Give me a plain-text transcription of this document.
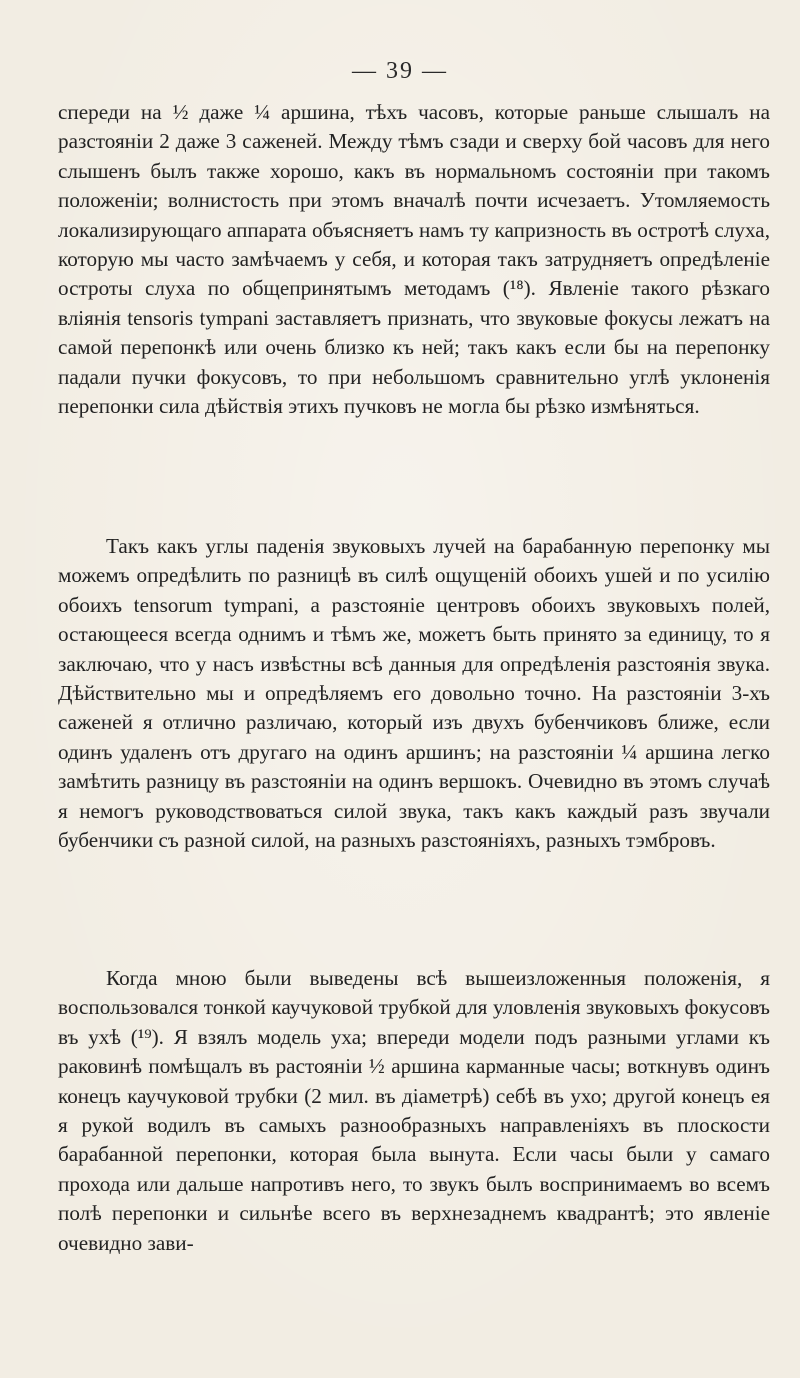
— 39 —

спереди на ½ даже ¼ аршина, тѣхъ часовъ, которые раньше слышалъ на разстояніи 2 даже 3 саженей. Между тѣмъ сзади и сверху бой часовъ для него слышенъ былъ также хорошо, какъ въ нормальномъ состояніи при такомъ положеніи; волнистость при этомъ вначалѣ почти исчезаетъ. Утомляемость локализирующаго аппарата объясняетъ намъ ту капризность въ остротѣ слуха, которую мы часто замѣчаемъ у себя, и которая такъ затрудняетъ опредѣленіе остроты слуха по общепринятымъ методамъ (¹⁸). Явленіе такого рѣзкаго вліянія tensoris tympani заставляетъ признать, что звуковые фокусы лежатъ на самой перепонкѣ или очень близко къ ней; такъ какъ если бы на перепонку падали пучки фокусовъ, то при небольшомъ сравнительно углѣ уклоненія перепонки сила дѣйствія этихъ пучковъ не могла бы рѣзко измѣняться.

Такъ какъ углы паденія звуковыхъ лучей на барабанную перепонку мы можемъ опредѣлить по разницѣ въ силѣ ощущеній обоихъ ушей и по усилію обоихъ tensorum tympani, а разстояніе центровъ обоихъ звуковыхъ полей, остающееся всегда однимъ и тѣмъ же, можетъ быть принято за единицу, то я заключаю, что у насъ извѣстны всѣ данныя для опредѣленія разстоянія звука. Дѣйствительно мы и опредѣляемъ его довольно точно. На разстояніи 3-хъ саженей я отлично различаю, который изъ двухъ бубенчиковъ ближе, если одинъ удаленъ отъ другаго на одинъ аршинъ; на разстояніи ¼ аршина легко замѣтить разницу въ разстояніи на одинъ вершокъ. Очевидно въ этомъ случаѣ я немогъ руководствоваться силой звука, такъ какъ каждый разъ звучали бубенчики съ разной силой, на разныхъ разстояніяхъ, разныхъ тэмбровъ.

Когда мною были выведены всѣ вышеизложенныя положенія, я воспользовался тонкой каучуковой трубкой для уловленія звуковыхъ фокусовъ въ ухѣ (¹⁹). Я взялъ модель уха; впереди модели подъ разными углами къ раковинѣ помѣщалъ въ растояніи ½ аршина карманные часы; воткнувъ одинъ конецъ каучуковой трубки (2 мил. въ діаметрѣ) себѣ въ ухо; другой конецъ ея я рукой водилъ въ самыхъ разнообразныхъ направленіяхъ въ плоскости барабанной перепонки, которая была вынута. Если часы были у самаго прохода или дальше напротивъ него, то звукъ былъ воспринимаемъ во всемъ полѣ перепонки и сильнѣе всего въ верхнезаднемъ квадрантѣ; это явленіе очевидно зави-
